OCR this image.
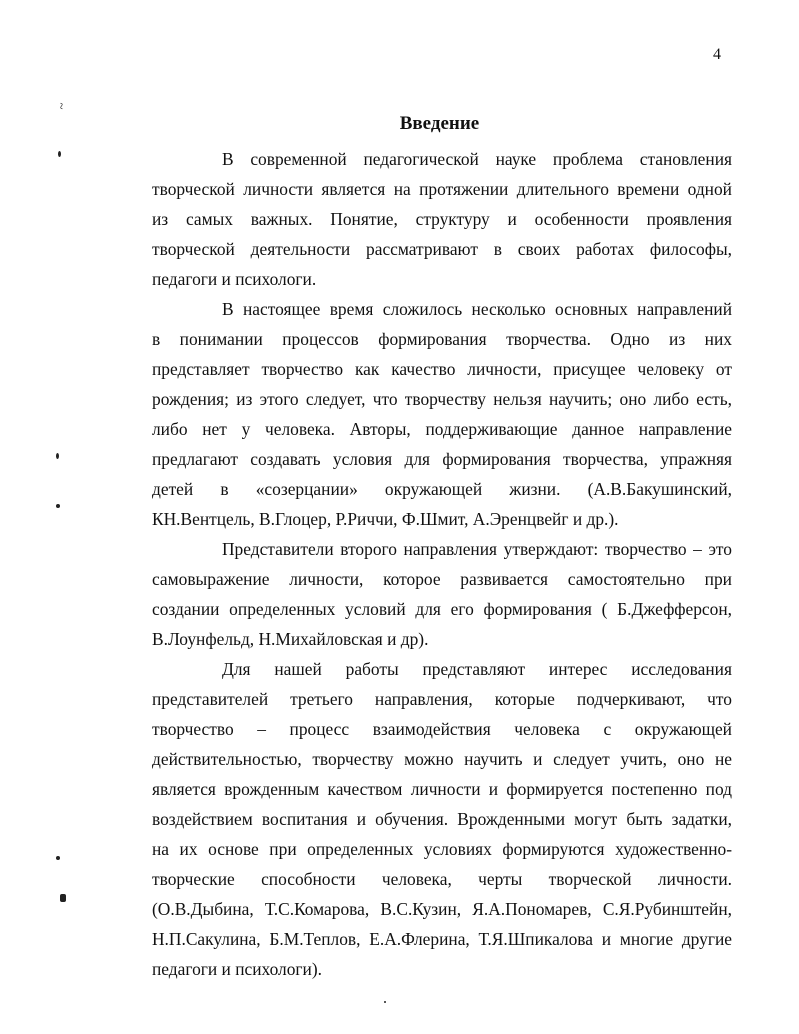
4
Введение
В современной педагогической науке проблема становления
творческой личности является на протяжении длительного времени одной
из самых важных. Понятие, структуру и особенности проявления
творческой деятельности рассматривают в своих работах философы,
педагоги и психологи.
В настоящее время сложилось несколько основных направлений
в понимании процессов формирования творчества. Одно из них
представляет творчество как качество личности, присущее человеку от
рождения; из этого следует, что творчеству нельзя научить; оно либо есть,
либо нет у человека. Авторы, поддерживающие данное направление
предлагают создавать условия для формирования творчества, упражняя
детей в «созерцании» окружающей жизни. (А.В.Бакушинский,
КН.Вентцель, В.Глоцер, Р.Риччи, Ф.Шмит, А.Эренцвейг и др.).
Представители второго направления утверждают: творчество – это
самовыражение личности, которое развивается самостоятельно при
создании определенных условий для его формирования ( Б.Джефферсон,
В.Лоунфельд, Н.Михайловская и др).
Для нашей работы представляют интерес исследования
представителей третьего направления, которые подчеркивают, что
творчество – процесс взаимодействия человека с окружающей
действительностью, творчеству можно научить и следует учить, оно не
является врожденным качеством личности и формируется постепенно под
воздействием воспитания и обучения. Врожденными могут быть задатки,
на их основе при определенных условиях формируются художественно-
творческие способности человека, черты творческой личности.
(О.В.Дыбина, Т.С.Комарова, В.С.Кузин, Я.А.Пономарев, С.Я.Рубинштейн,
Н.П.Сакулина, Б.М.Теплов, Е.А.Флерина, Т.Я.Шпикалова и многие другие
педагоги и психологи).
~
